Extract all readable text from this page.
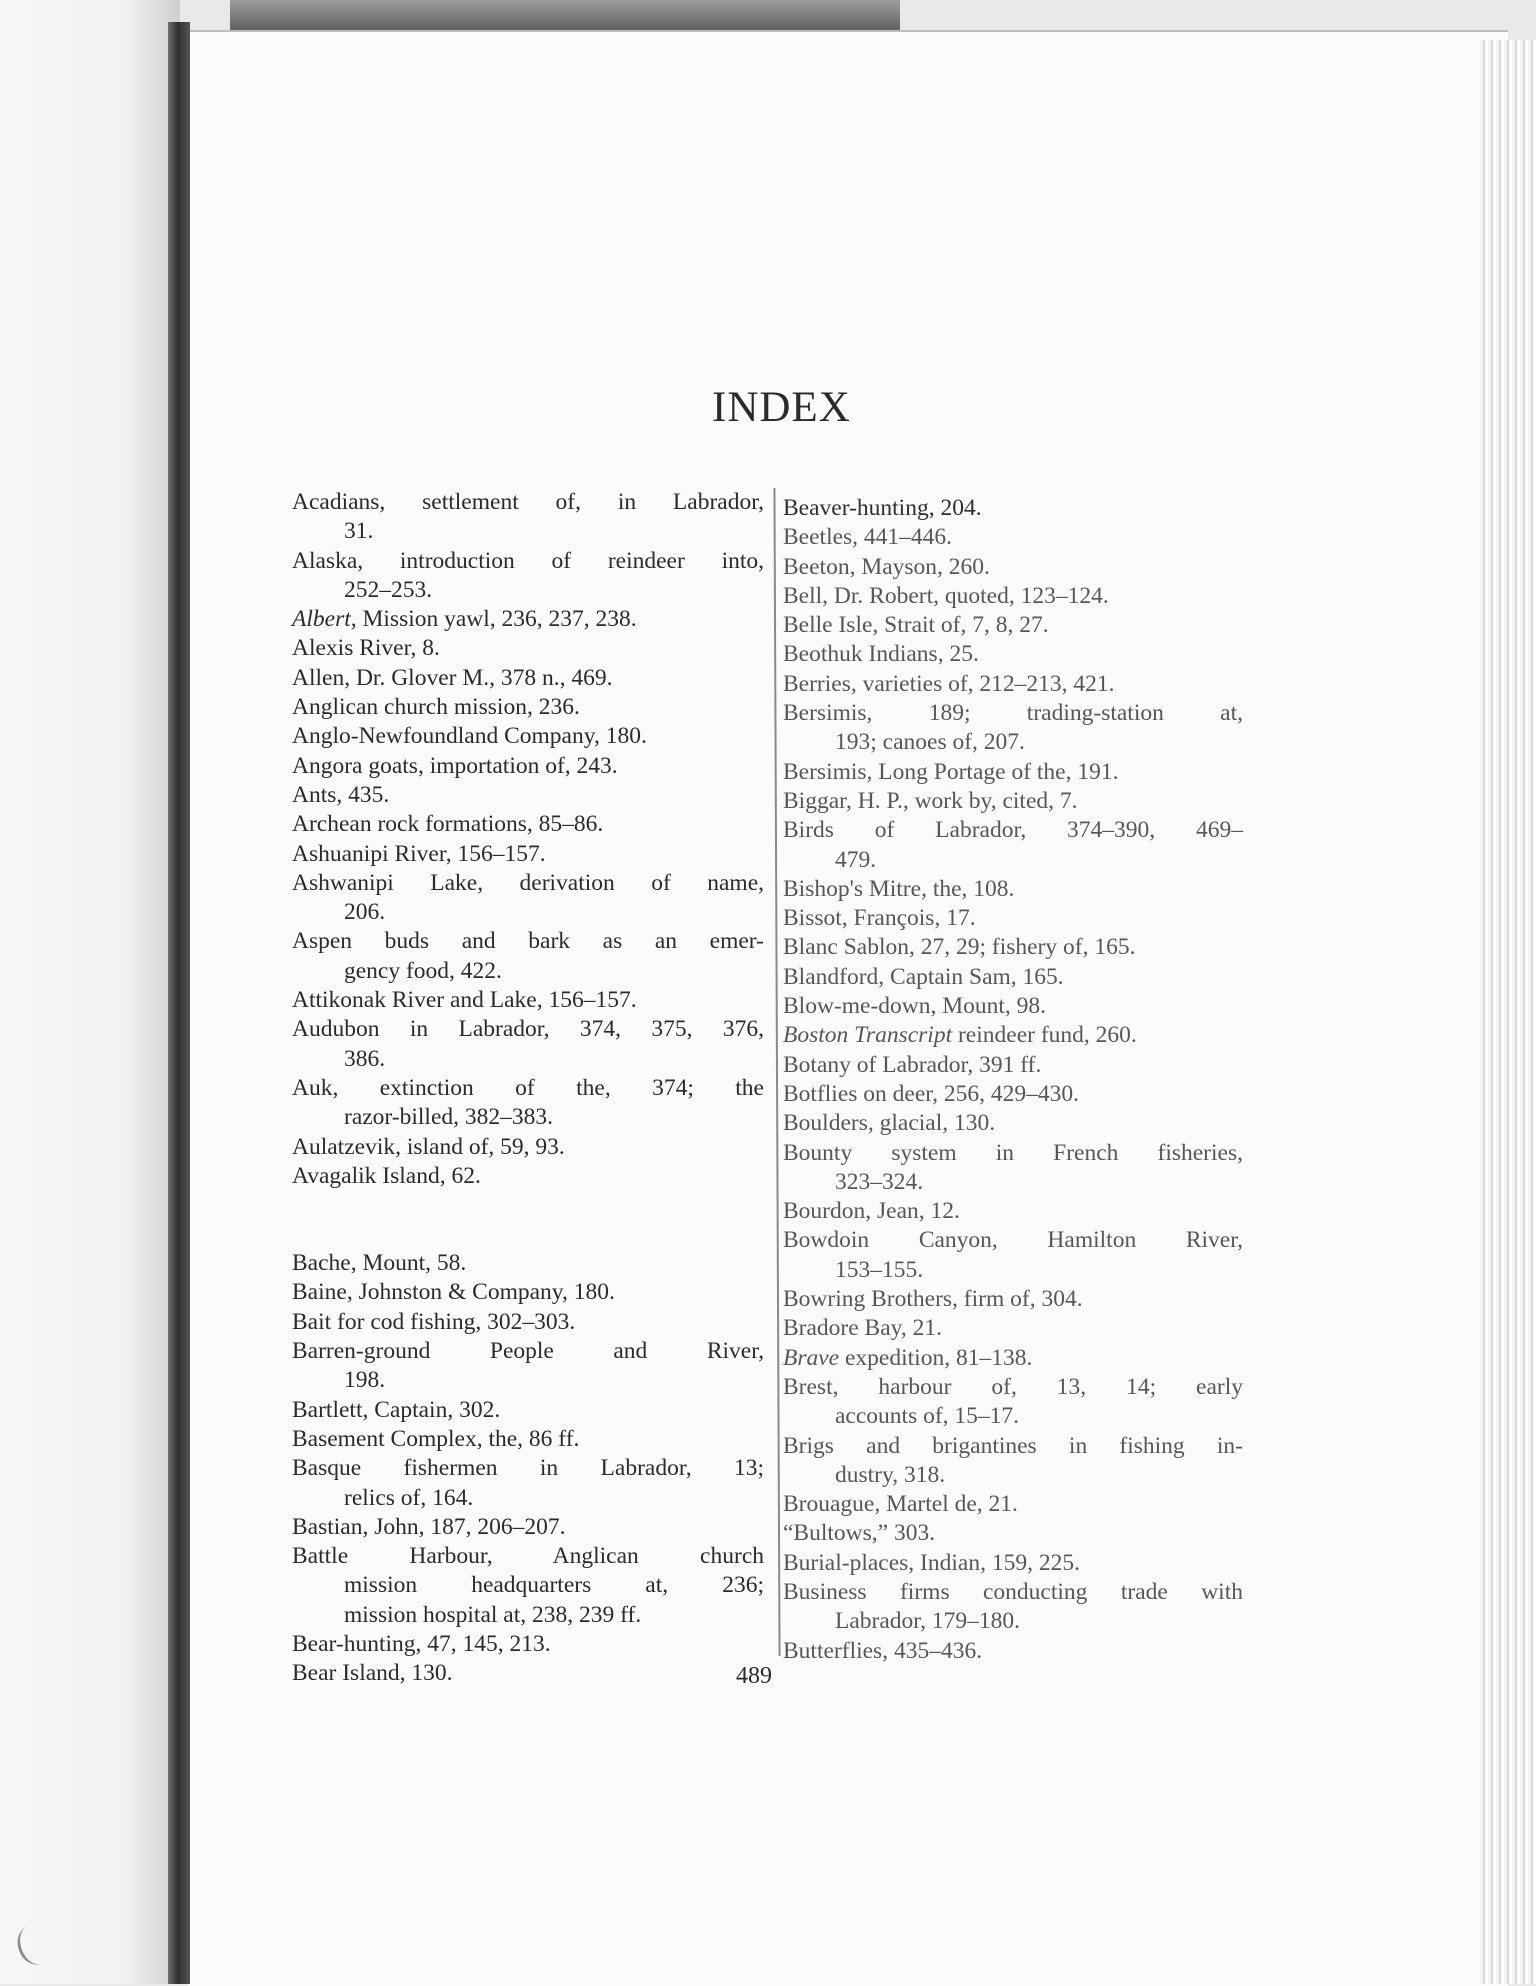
INDEX
Acadians, settlement of, in Labrador,
31.
Alaska, introduction of reindeer into,
252–253.
Albert, Mission yawl, 236, 237, 238.
Alexis River, 8.
Allen, Dr. Glover M., 378 n., 469.
Anglican church mission, 236.
Anglo-Newfoundland Company, 180.
Angora goats, importation of, 243.
Ants, 435.
Archean rock formations, 85–86.
Ashuanipi River, 156–157.
Ashwanipi Lake, derivation of name,
206.
Aspen buds and bark as an emer-
gency food, 422.
Attikonak River and Lake, 156–157.
Audubon in Labrador, 374, 375, 376,
386.
Auk, extinction of the, 374; the
razor-billed, 382–383.
Aulatzevik, island of, 59, 93.
Avagalik Island, 62.
Bache, Mount, 58.
Baine, Johnston & Company, 180.
Bait for cod fishing, 302–303.
Barren-ground People and River,
198.
Bartlett, Captain, 302.
Basement Complex, the, 86 ff.
Basque fishermen in Labrador, 13;
relics of, 164.
Bastian, John, 187, 206–207.
Battle Harbour, Anglican church
mission headquarters at, 236;
mission hospital at, 238, 239 ff.
Bear-hunting, 47, 145, 213.
Bear Island, 130.
Beaver-hunting, 204.
Beetles, 441–446.
Beeton, Mayson, 260.
Bell, Dr. Robert, quoted, 123–124.
Belle Isle, Strait of, 7, 8, 27.
Beothuk Indians, 25.
Berries, varieties of, 212–213, 421.
Bersimis, 189; trading-station at,
193; canoes of, 207.
Bersimis, Long Portage of the, 191.
Biggar, H. P., work by, cited, 7.
Birds of Labrador, 374–390, 469–
479.
Bishop's Mitre, the, 108.
Bissot, François, 17.
Blanc Sablon, 27, 29; fishery of, 165.
Blandford, Captain Sam, 165.
Blow-me-down, Mount, 98.
Boston Transcript reindeer fund, 260.
Botany of Labrador, 391 ff.
Botflies on deer, 256, 429–430.
Boulders, glacial, 130.
Bounty system in French fisheries,
323–324.
Bourdon, Jean, 12.
Bowdoin Canyon, Hamilton River,
153–155.
Bowring Brothers, firm of, 304.
Bradore Bay, 21.
Brave expedition, 81–138.
Brest, harbour of, 13, 14; early
accounts of, 15–17.
Brigs and brigantines in fishing in-
dustry, 318.
Brouague, Martel de, 21.
“Bultows,” 303.
Burial-places, Indian, 159, 225.
Business firms conducting trade with
Labrador, 179–180.
Butterflies, 435–436.

489
